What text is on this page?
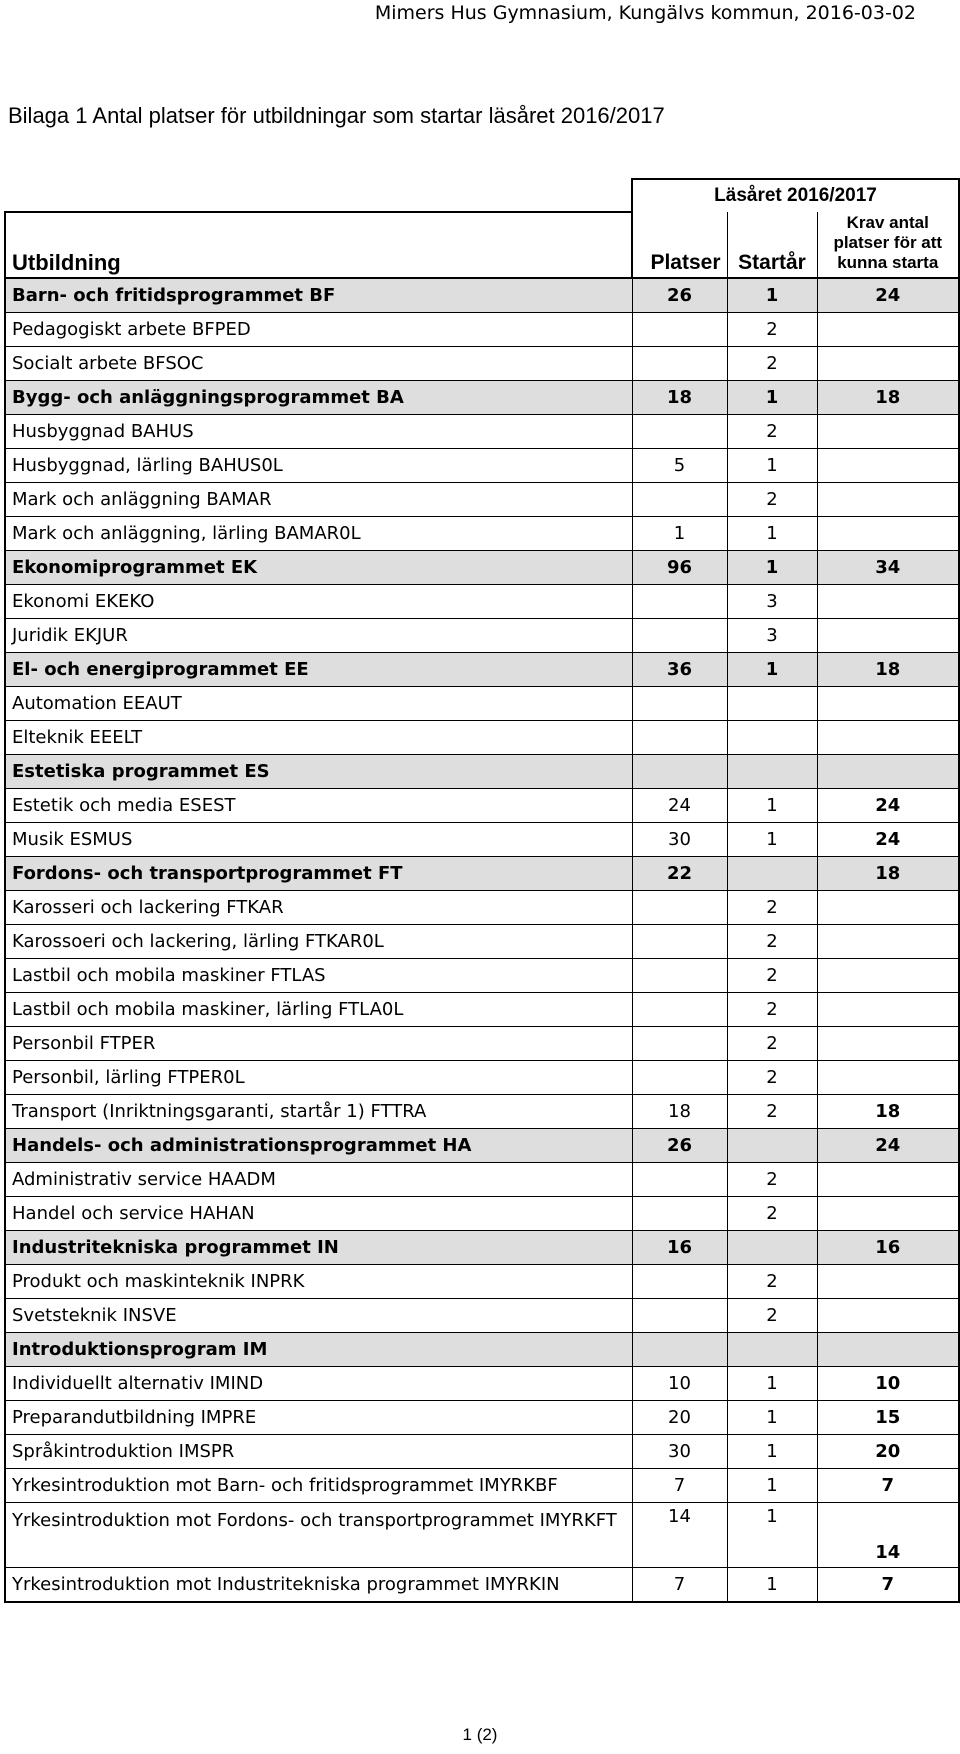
Mimers Hus Gymnasium, Kungälvs kommun, 2016-03-02
Bilaga 1 Antal platser för utbildningar som startar läsåret 2016/2017
	Läsåret 2016/2017		
Utbildning	Platser	Startår	Krav antal platser för att kunna starta
Barn- och fritidsprogrammet BF	26	1	24
Pedagogiskt arbete BFPED		2	
Socialt arbete BFSOC		2	
Bygg- och anläggningsprogrammet BA	18	1	18
Husbyggnad BAHUS		2	
Husbyggnad, lärling BAHUS0L	5	1	
Mark och anläggning BAMAR		2	
Mark och anläggning, lärling BAMAR0L	1	1	
Ekonomiprogrammet EK	96	1	34
Ekonomi EKEKO		3	
Juridik EKJUR		3	
El- och energiprogrammet EE	36	1	18
Automation EEAUT			
Elteknik EEELT			
Estetiska programmet ES			
Estetik och media ESEST	24	1	24
Musik ESMUS	30	1	24
Fordons- och transportprogrammet FT	22		18
Karosseri och lackering FTKAR		2	
Karossoeri och lackering, lärling FTKAR0L		2	
Lastbil och mobila maskiner FTLAS		2	
Lastbil och mobila maskiner, lärling FTLA0L		2	
Personbil FTPER		2	
Personbil, lärling FTPER0L		2	
Transport (Inriktningsgaranti, startår 1) FTTRA	18	2	18
Handels- och administrationsprogrammet HA	26		24
Administrativ service HAADM		2	
Handel och service HAHAN		2	
Industritekniska programmet IN	16		16
Produkt och maskinteknik INPRK		2	
Svetsteknik INSVE		2	
Introduktionsprogram IM			
Individuellt alternativ IMIND	10	1	10
Preparandutbildning IMPRE	20	1	15
Språkintroduktion IMSPR	30	1	20
Yrkesintroduktion mot Barn- och fritidsprogrammet IMYRKBF	7	1	7
Yrkesintroduktion mot Fordons- och transportprogrammet IMYRKFT	14	1	14
Yrkesintroduktion mot Industritekniska programmet IMYRKIN	7	1	7
1 (2)
